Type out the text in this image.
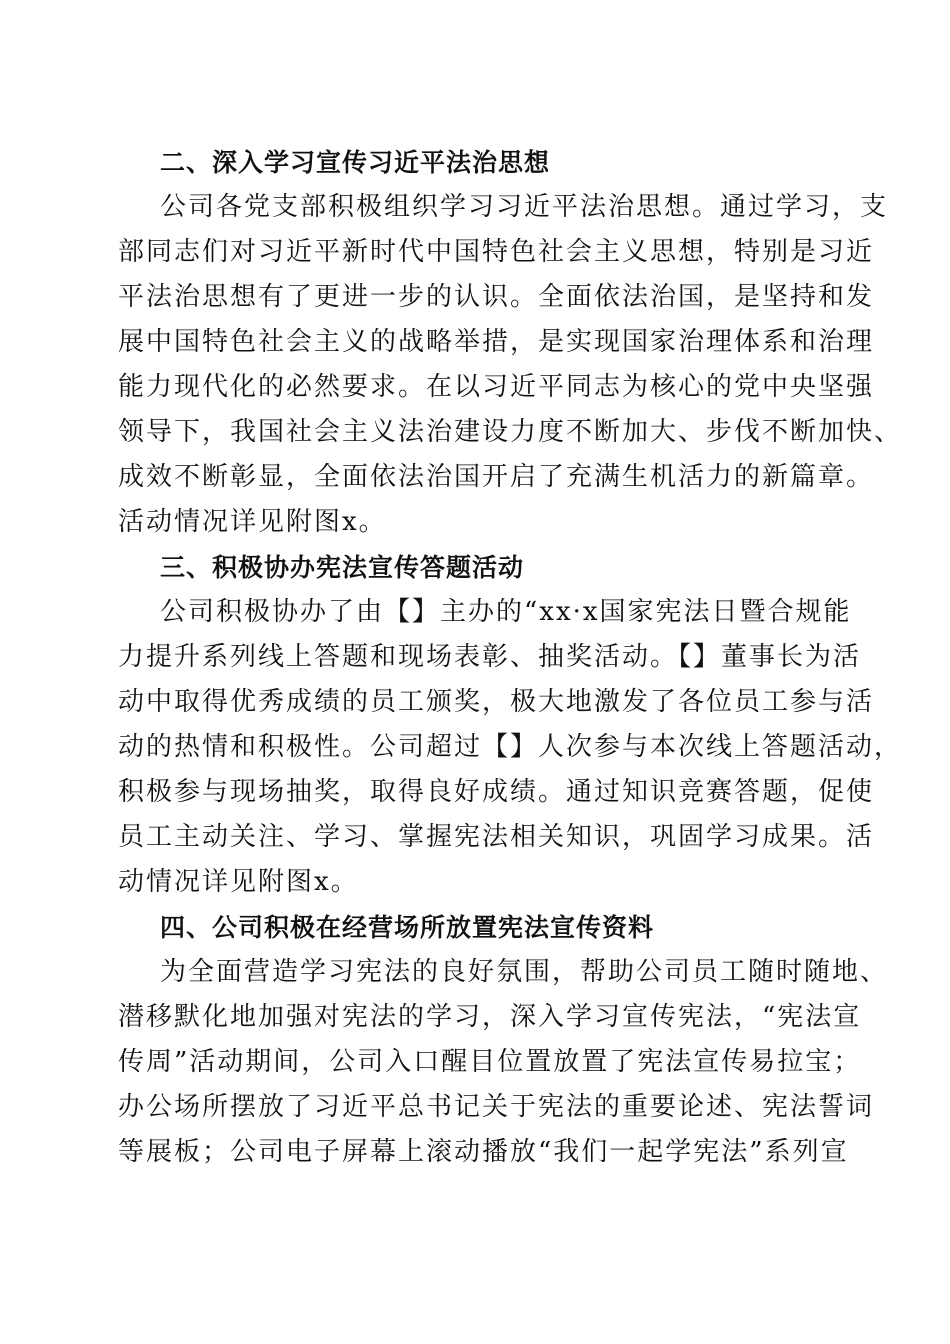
二、深入学习宣传习近平法治思想
公司各党支部积极组织学习习近平法治思想。通过学习，支
部同志们对习近平新时代中国特色社会主义思想，特别是习近
平法治思想有了更进一步的认识。全面依法治国，是坚持和发
展中国特色社会主义的战略举措，是实现国家治理体系和治理
能力现代化的必然要求。在以习近平同志为核心的党中央坚强
领导下，我国社会主义法治建设力度不断加大、步伐不断加快、
成效不断彰显，全面依法治国开启了充满生机活力的新篇章。
活动情况详见附图x。
三、积极协办宪法宣传答题活动
公司积极协办了由【】主办的“xx·x国家宪法日暨合规能
力提升系列线上答题和现场表彰、抽奖活动。【】董事长为活
动中取得优秀成绩的员工颁奖，极大地激发了各位员工参与活
动的热情和积极性。公司超过【】人次参与本次线上答题活动，
积极参与现场抽奖，取得良好成绩。通过知识竞赛答题，促使
员工主动关注、学习、掌握宪法相关知识，巩固学习成果。活
动情况详见附图x。
四、公司积极在经营场所放置宪法宣传资料
为全面营造学习宪法的良好氛围，帮助公司员工随时随地、
潜移默化地加强对宪法的学习，深入学习宣传宪法，“宪法宣
传周”活动期间，公司入口醒目位置放置了宪法宣传易拉宝；
办公场所摆放了习近平总书记关于宪法的重要论述、宪法誓词
等展板；公司电子屏幕上滚动播放“我们一起学宪法”系列宣
